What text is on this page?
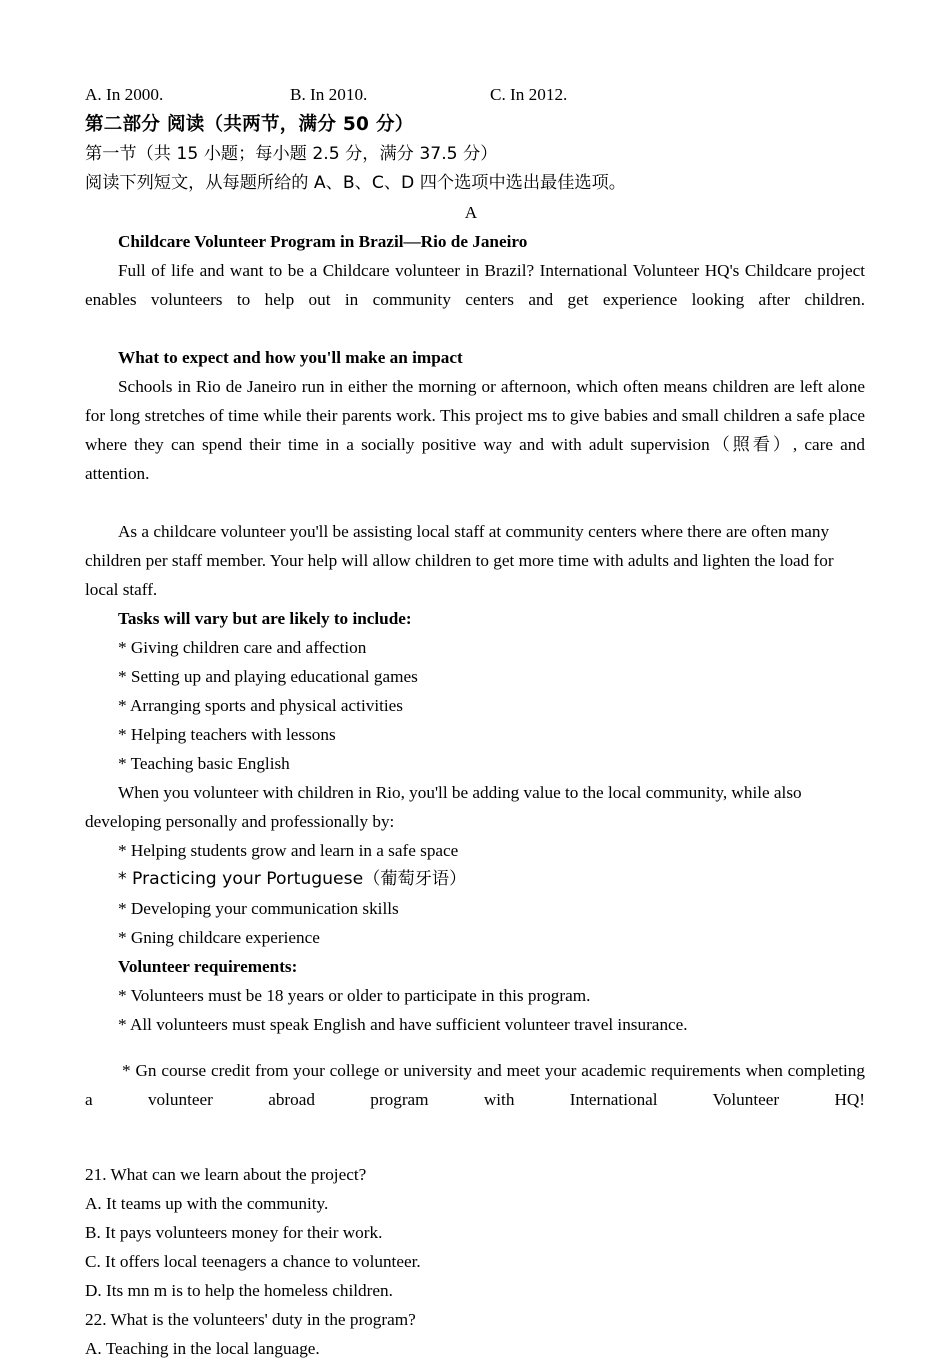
A. In 2000.	B. In 2010.	C. In 2012.
第二部分 阅读（共两节，满分 50 分）
第一节（共 15 小题；每小题 2.5 分，满分 37.5 分）
阅读下列短文，从每题所给的 A、B、C、D 四个选项中选出最佳选项。
A
Childcare Volunteer Program in Brazil—Rio de Janeiro

Full of life and want to be a Childcare volunteer in Brazil? International Volunteer HQ's Childcare project enables volunteers to help out in community centers and get experience looking after children.

What to expect and how you'll make an impact

Schools in Rio de Janeiro run in either the morning or afternoon, which often means children are left alone for long stretches of time while their parents work. This project ms to give babies and small children a safe place where they can spend their time in a socially positive way and with adult supervision（照看）, care and attention.

As a childcare volunteer you'll be assisting local staff at community centers where there are often many children per staff member. Your help will allow children to get more time with adults and lighten the load for local staff.

Tasks will vary but are likely to include:
* Giving children care and affection
* Setting up and playing educational games
* Arranging sports and physical activities
* Helping teachers with lessons
* Teaching basic English

When you volunteer with children in Rio, you'll be adding value to the local community, while also developing personally and professionally by:

* Helping students grow and learn in a safe space
* Practicing your Portuguese（葡萄牙语）
* Developing your communication skills
* Gning childcare experience
Volunteer requirements:
* Volunteers must be 18 years or older to participate in this program.
* All volunteers must speak English and have sufficient volunteer travel insurance.

* Gn course credit from your college or university and meet your academic requirements when completing a volunteer abroad program with International Volunteer HQ!

21. What can we learn about the project?
A. It teams up with the community.
B. It pays volunteers money for their work.
C. It offers local teenagers a chance to volunteer.
D. Its mn m is to help the homeless children.
22. What is the volunteers' duty in the program?
A. Teaching in the local language.
